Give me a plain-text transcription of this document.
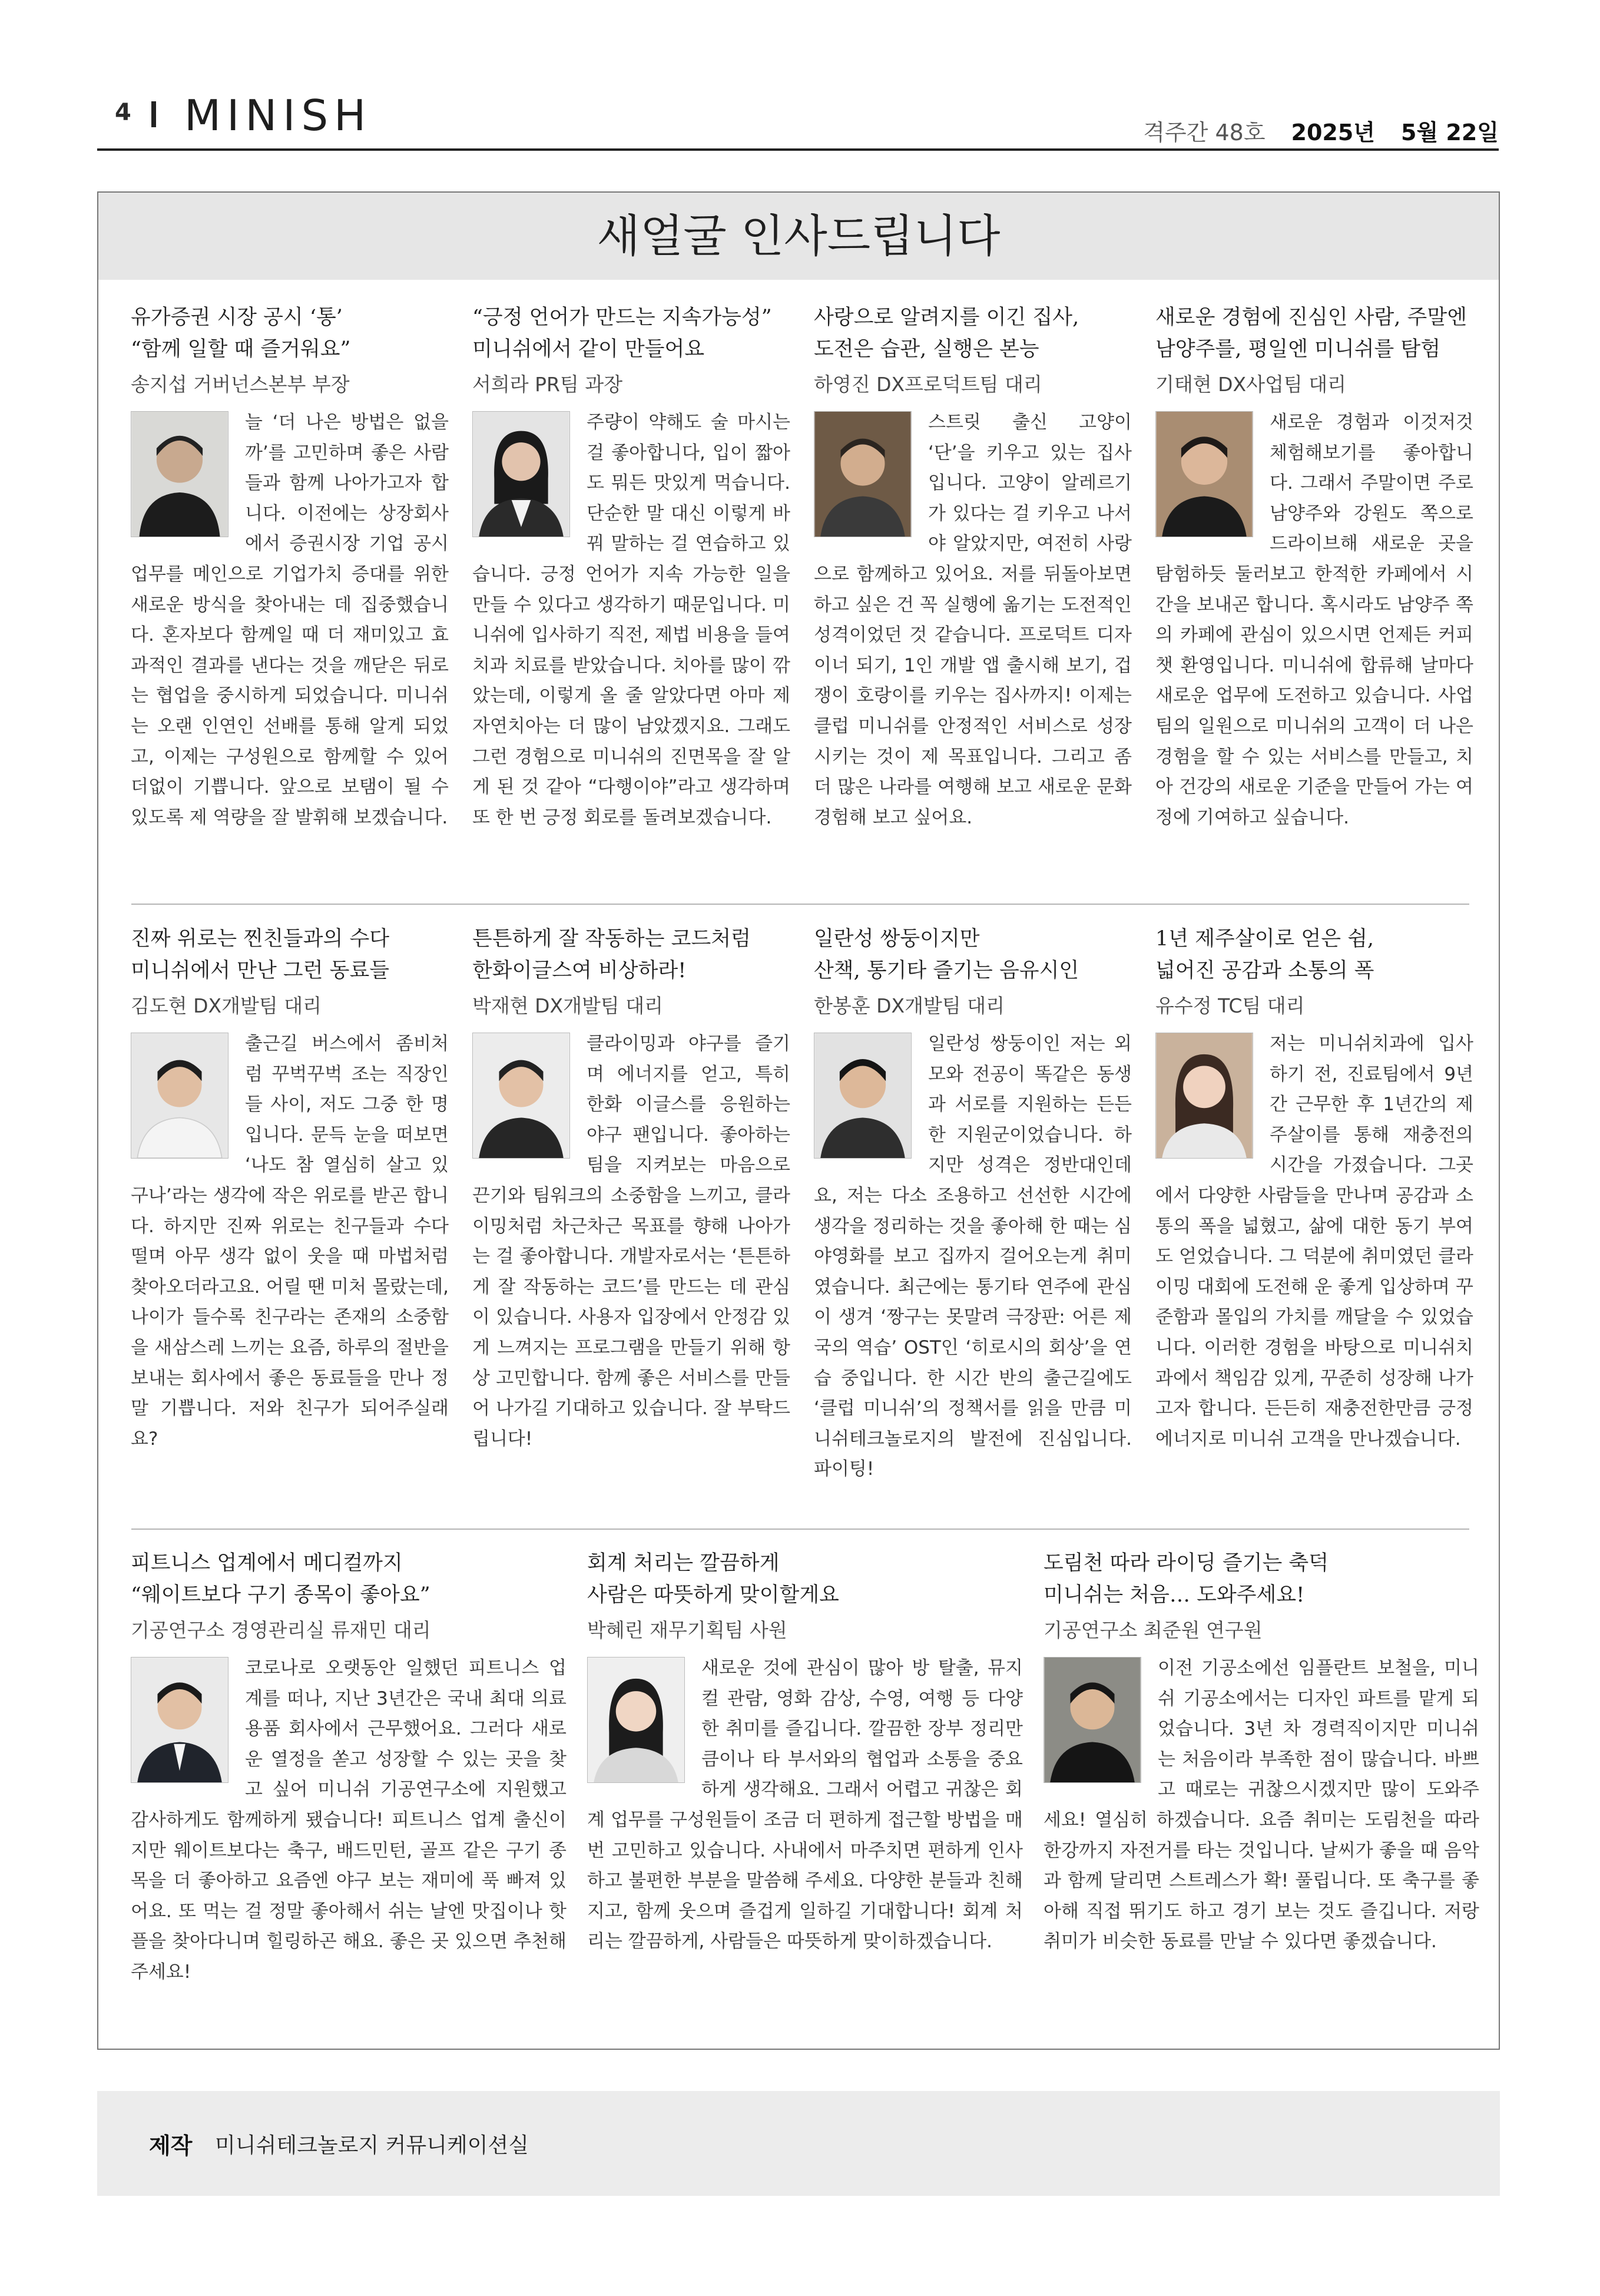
4 MINISH	격주간 48호 2025년 5월 22일
새얼굴 인사드립니다
유가증권 시장 공시 ‘통’
“함께 일할 때 즐거워요”
송지섭 거버넌스본부 부장
늘 ‘더 나은 방법은 없을까’를 고민하며 좋은 사람들과 함께 나아가고자 합니다. 이전에는 상장회사에서 증권시장 기업 공시 업무를 메인으로 기업가치 증대를 위한 새로운 방식을 찾아내는 데 집중했습니다. 혼자보다 함께일 때 더 재미있고 효과적인 결과를 낸다는 것을 깨닫은 뒤로는 협업을 중시하게 되었습니다. 미니쉬는 오랜 인연인 선배를 통해 알게 되었고, 이제는 구성원으로 함께할 수 있어 더없이 기쁩니다. 앞으로 보탬이 될 수 있도록 제 역량을 잘 발휘해 보겠습니다.
“긍정 언어가 만드는 지속가능성”
미니쉬에서 같이 만들어요
서희라 PR팀 과장
주량이 약해도 술 마시는 걸 좋아합니다, 입이 짧아도 뭐든 맛있게 먹습니다. 단순한 말 대신 이렇게 바꿔 말하는 걸 연습하고 있습니다. 긍정 언어가 지속 가능한 일을 만들 수 있다고 생각하기 때문입니다. 미니쉬에 입사하기 직전, 제법 비용을 들여 치과 치료를 받았습니다. 치아를 많이 깎았는데, 이렇게 올 줄 알았다면 아마 제 자연치아는 더 많이 남았겠지요. 그래도 그런 경험으로 미니쉬의 진면목을 잘 알게 된 것 같아 “다행이야”라고 생각하며 또 한 번 긍정 회로를 돌려보겠습니다.
사랑으로 알려지를 이긴 집사,
도전은 습관, 실행은 본능
하영진 DX프로덕트팀 대리
스트릿 출신 고양이 ‘단’을 키우고 있는 집사입니다. 고양이 알레르기가 있다는 걸 키우고 나서야 알았지만, 여전히 사랑으로 함께하고 있어요. 저를 뒤돌아보면 하고 싶은 건 꼭 실행에 옮기는 도전적인 성격이었던 것 같습니다. 프로덕트 디자이너 되기, 1인 개발 앱 출시해 보기, 겁쟁이 호랑이를 키우는 집사까지! 이제는 클럽 미니쉬를 안정적인 서비스로 성장시키는 것이 제 목표입니다. 그리고 좀 더 많은 나라를 여행해 보고 새로운 문화 경험해 보고 싶어요.
새로운 경험에 진심인 사람, 주말엔
남양주를, 평일엔 미니쉬를 탐험
기태현 DX사업팀 대리
새로운 경험과 이것저것 체험해보기를 좋아합니다. 그래서 주말이면 주로 남양주와 강원도 쪽으로 드라이브해 새로운 곳을 탐험하듯 둘러보고 한적한 카페에서 시간을 보내곤 합니다. 혹시라도 남양주 쪽의 카페에 관심이 있으시면 언제든 커피챗 환영입니다. 미니쉬에 합류해 날마다 새로운 업무에 도전하고 있습니다. 사업팀의 일원으로 미니쉬의 고객이 더 나은 경험을 할 수 있는 서비스를 만들고, 치아 건강의 새로운 기준을 만들어 가는 여정에 기여하고 싶습니다.
진짜 위로는 찐친들과의 수다
미니쉬에서 만난 그런 동료들
김도현 DX개발팀 대리
출근길 버스에서 좀비처럼 꾸벅꾸벅 조는 직장인들 사이, 저도 그중 한 명입니다. 문득 눈을 떠보면 ‘나도 참 열심히 살고 있구나’라는 생각에 작은 위로를 받곤 합니다. 하지만 진짜 위로는 친구들과 수다 떨며 아무 생각 없이 웃을 때 마법처럼 찾아오더라고요. 어릴 땐 미처 몰랐는데, 나이가 들수록 친구라는 존재의 소중함을 새삼스레 느끼는 요즘, 하루의 절반을 보내는 회사에서 좋은 동료들을 만나 정말 기쁩니다. 저와 친구가 되어주실래요?
튼튼하게 잘 작동하는 코드처럼
한화이글스여 비상하라!
박재현 DX개발팀 대리
클라이밍과 야구를 즐기며 에너지를 얻고, 특히 한화 이글스를 응원하는 야구 팬입니다. 좋아하는 팀을 지켜보는 마음으로 끈기와 팀워크의 소중함을 느끼고, 클라이밍처럼 차근차근 목표를 향해 나아가는 걸 좋아합니다. 개발자로서는 ‘튼튼하게 잘 작동하는 코드’를 만드는 데 관심이 있습니다. 사용자 입장에서 안정감 있게 느껴지는 프로그램을 만들기 위해 항상 고민합니다. 함께 좋은 서비스를 만들어 나가길 기대하고 있습니다. 잘 부탁드립니다!
일란성 쌍둥이지만
산책, 통기타 즐기는 음유시인
한봉훈 DX개발팀 대리
일란성 쌍둥이인 저는 외모와 전공이 똑같은 동생과 서로를 지원하는 든든한 지원군이었습니다. 하지만 성격은 정반대인데요, 저는 다소 조용하고 선선한 시간에 생각을 정리하는 것을 좋아해 한 때는 심야영화를 보고 집까지 걸어오는게 취미였습니다. 최근에는 통기타 연주에 관심이 생겨 ‘짱구는 못말려 극장판: 어른 제국의 역습’ OST인 ‘히로시의 회상’을 연습 중입니다. 한 시간 반의 출근길에도 ‘클럽 미니쉬’의 정책서를 읽을 만큼 미니쉬테크놀로지의 발전에 진심입니다. 파이팅!
1년 제주살이로 얻은 쉼,
넓어진 공감과 소통의 폭
유수정 TC팀 대리
저는 미니쉬치과에 입사하기 전, 진료팀에서 9년간 근무한 후 1년간의 제주살이를 통해 재충전의 시간을 가졌습니다. 그곳에서 다양한 사람들을 만나며 공감과 소통의 폭을 넓혔고, 삶에 대한 동기 부여도 얻었습니다. 그 덕분에 취미였던 클라이밍 대회에 도전해 운 좋게 입상하며 꾸준함과 몰입의 가치를 깨달을 수 있었습니다. 이러한 경험을 바탕으로 미니쉬치과에서 책임감 있게, 꾸준히 성장해 나가고자 합니다. 든든히 재충전한만큼 긍정 에너지로 미니쉬 고객을 만나겠습니다.
피트니스 업계에서 메디컬까지
“웨이트보다 구기 종목이 좋아요”
기공연구소 경영관리실 류재민 대리
코로나로 오랫동안 일했던 피트니스 업계를 떠나, 지난 3년간은 국내 최대 의료용품 회사에서 근무했어요. 그러다 새로운 열정을 쏟고 성장할 수 있는 곳을 찾고 싶어 미니쉬 기공연구소에 지원했고 감사하게도 함께하게 됐습니다! 피트니스 업계 출신이지만 웨이트보다는 축구, 배드민턴, 골프 같은 구기 종목을 더 좋아하고 요즘엔 야구 보는 재미에 푹 빠져 있어요. 또 먹는 걸 정말 좋아해서 쉬는 날엔 맛집이나 핫플을 찾아다니며 힐링하곤 해요. 좋은 곳 있으면 추천해 주세요!
회계 처리는 깔끔하게
사람은 따뜻하게 맞이할게요
박혜린 재무기획팀 사원
새로운 것에 관심이 많아 방 탈출, 뮤지컬 관람, 영화 감상, 수영, 여행 등 다양한 취미를 즐깁니다. 깔끔한 장부 정리만큼이나 타 부서와의 협업과 소통을 중요하게 생각해요. 그래서 어렵고 귀찮은 회계 업무를 구성원들이 조금 더 편하게 접근할 방법을 매번 고민하고 있습니다. 사내에서 마주치면 편하게 인사하고 불편한 부분을 말씀해 주세요. 다양한 분들과 친해지고, 함께 웃으며 즐겁게 일하길 기대합니다! 회계 처리는 깔끔하게, 사람들은 따뜻하게 맞이하겠습니다.
도림천 따라 라이딩 즐기는 축덕
미니쉬는 처음… 도와주세요!
기공연구소 최준원 연구원
이전 기공소에선 임플란트 보철을, 미니쉬 기공소에서는 디자인 파트를 맡게 되었습니다. 3년 차 경력직이지만 미니쉬는 처음이라 부족한 점이 많습니다. 바쁘고 때로는 귀찮으시겠지만 많이 도와주세요! 열심히 하겠습니다. 요즘 취미는 도림천을 따라 한강까지 자전거를 타는 것입니다. 날씨가 좋을 때 음악과 함께 달리면 스트레스가 확! 풀립니다. 또 축구를 좋아해 직접 뛰기도 하고 경기 보는 것도 즐깁니다. 저랑 취미가 비슷한 동료를 만날 수 있다면 좋겠습니다.
제작 미니쉬테크놀로지 커뮤니케이션실
